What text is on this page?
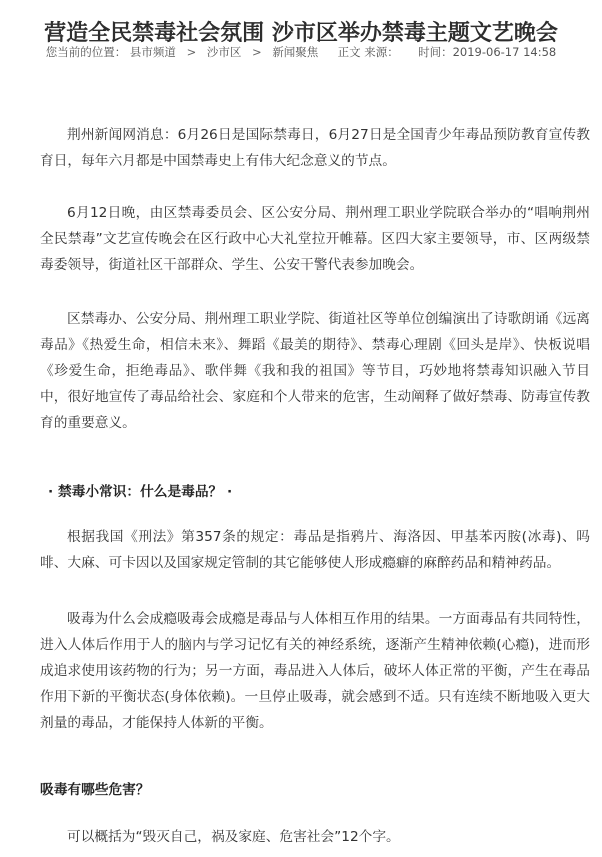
营造全民禁毒社会氛围 沙市区举办禁毒主题文艺晚会
您当前的位置： 县市频道 > 沙市区 > 新闻聚焦 正文 来源： 时间：2019-06-17 14:58

荆州新闻网消息：6月26日是国际禁毒日，6月27日是全国青少年毒品预防教育宣传教育日，每年六月都是中国禁毒史上有伟大纪念意义的节点。

6月12日晚，由区禁毒委员会、区公安分局、荆州理工职业学院联合举办的“唱响荆州全民禁毒”文艺宣传晚会在区行政中心大礼堂拉开帷幕。区四大家主要领导，市、区两级禁毒委领导，街道社区干部群众、学生、公安干警代表参加晚会。

区禁毒办、公安分局、荆州理工职业学院、街道社区等单位创编演出了诗歌朗诵《远离毒品》《热爱生命，相信未来》、舞蹈《最美的期待》、禁毒心理剧《回头是岸》、快板说唱《珍爱生命，拒绝毒品》、歌伴舞《我和我的祖国》等节目，巧妙地将禁毒知识融入节目中，很好地宣传了毒品给社会、家庭和个人带来的危害，生动阐释了做好禁毒、防毒宣传教育的重要意义。

· 禁毒小常识：什么是毒品？ ·

根据我国《刑法》第357条的规定：毒品是指鸦片、海洛因、甲基苯丙胺(冰毒)、吗啡、大麻、可卡因以及国家规定管制的其它能够使人形成瘾癖的麻醉药品和精神药品。

吸毒为什么会成瘾吸毒会成瘾是毒品与人体相互作用的结果。一方面毒品有共同特性，进入人体后作用于人的脑内与学习记忆有关的神经系统，逐渐产生精神依赖(心瘾)，进而形成追求使用该药物的行为；另一方面，毒品进入人体后，破坏人体正常的平衡，产生在毒品作用下新的平衡状态(身体依赖)。一旦停止吸毒，就会感到不适。只有连续不断地吸入更大剂量的毒品，才能保持人体新的平衡。

吸毒有哪些危害？

可以概括为“毁灭自己，祸及家庭、危害社会”12个字。
